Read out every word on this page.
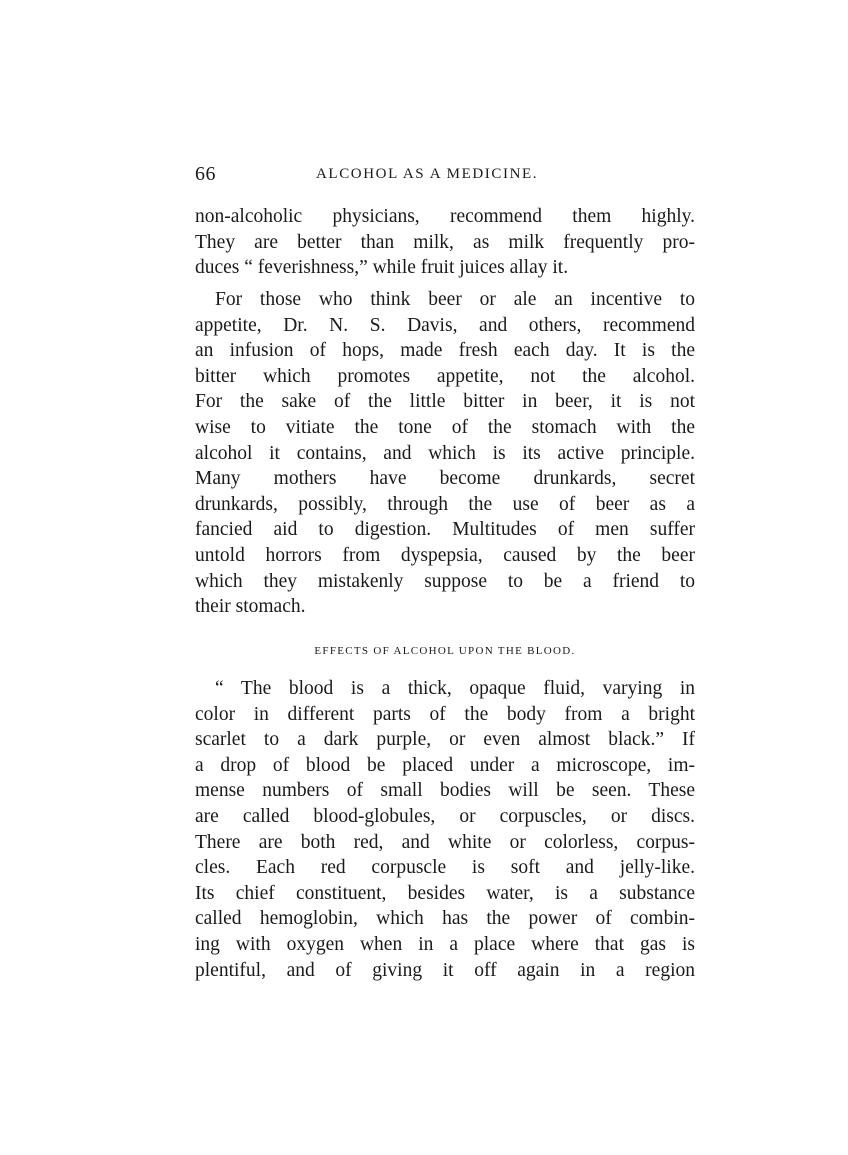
66	ALCOHOL AS A MEDICINE.
non-alcoholic physicians, recommend them highly.
They are better than milk, as milk frequently pro-
duces “ feverishness,” while fruit juices allay it.
For those who think beer or ale an incentive to
appetite, Dr. N. S. Davis, and others, recommend
an infusion of hops, made fresh each day. It is the
bitter which promotes appetite, not the alcohol.
For the sake of the little bitter in beer, it is not
wise to vitiate the tone of the stomach with the
alcohol it contains, and which is its active principle.
Many mothers have become drunkards, secret
drunkards, possibly, through the use of beer as a
fancied aid to digestion. Multitudes of men suffer
untold horrors from dyspepsia, caused by the beer
which they mistakenly suppose to be a friend to
their stomach.
EFFECTS OF ALCOHOL UPON THE BLOOD.
“ The blood is a thick, opaque fluid, varying in
color in different parts of the body from a bright
scarlet to a dark purple, or even almost black.” If
a drop of blood be placed under a microscope, im-
mense numbers of small bodies will be seen. These
are called blood-globules, or corpuscles, or discs.
There are both red, and white or colorless, corpus-
cles. Each red corpuscle is soft and jelly-like.
Its chief constituent, besides water, is a substance
called hemoglobin, which has the power of combin-
ing with oxygen when in a place where that gas is
plentiful, and of giving it off again in a region
